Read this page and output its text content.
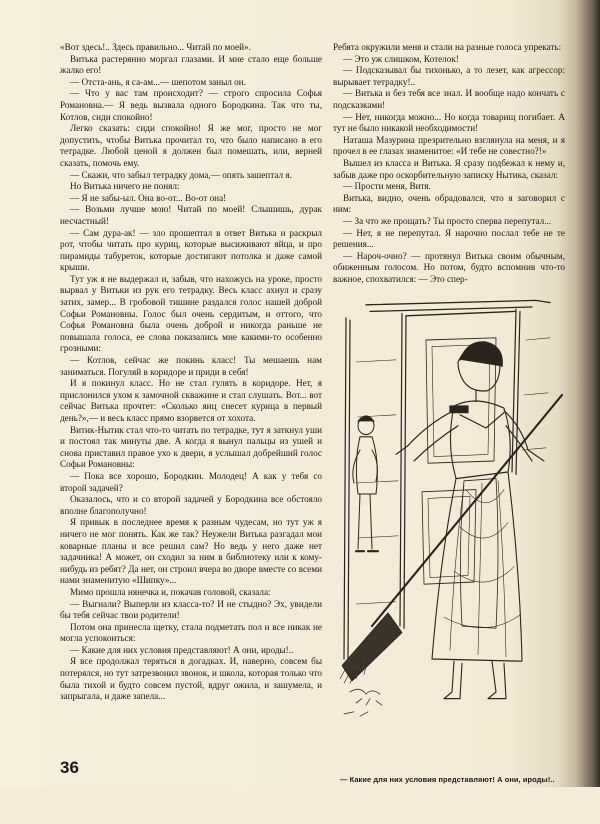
«Вот здесь!.. Здесь правильно... Читай по моей».

Витька растерянно моргал глазами. И мне стало еще больше жалко его!

— Отста-ань, я са-ам...— шепотом заныл он.

— Что у вас там происходит? — строго спросила Софья Романовна.— Я ведь вызвала одного Бородкина. Так что ты, Котлов, сиди спокойно!

Легко сказать: сиди спокойно! Я же мог, просто не мог допустить, чтобы Витька прочитал то, что было написано в его тетрадке. Любой ценой я должен был помешать, или, верней сказать, помочь ему.

— Скажи, что забыл тетрадку дома,— опять зашептал я.

Но Витька ничего не понял:

— Я не забы-ыл. Она во-от... Во-от она!

— Возьми лучше мою! Читай по моей! Слышишь, дурак несчастный!

— Сам дура-ак! — зло прошептал в ответ Витька и раскрыл рот, чтобы читать про куриц, которые высиживают яйца, и про пирамиды табуреток, которые достигают потолка и даже самой крыши.

Тут уж я не выдержал и, забыв, что нахожусь на уроке, просто вырвал у Витьки из рук его тетрадку. Весь класс ахнул и сразу затих, замер... В гробовой тишине раздался голос нашей доброй Софьи Романовны. Голос был очень сердитым, и оттого, что Софья Романовна была очень доброй и никогда раньше не повышала голоса, ее слова показались мне какими-то особенно грозными:

— Котлов, сейчас же покинь класс! Ты мешаешь нам заниматься. Погуляй в коридоре и приди в себя!

И я покинул класс. Но не стал гулять в коридоре. Нет, я прислонился ухом к замочной скважине и стал слушать. Вот... вот сейчас Витька прочтет: «Сколько яиц снесет курица в первый день?»,— и весь класс прямо взорвется от хохота.

Витик-Нытик стал что-то читать по тетрадке, тут я заткнул уши и постоял так минуты две. А когда я вынул пальцы из ушей и снова приставил правое ухо к двери, я услышал добрейший голос Софьи Романовны:

— Пока все хорошо, Бородкин. Молодец! А как у тебя со второй задачей?

Оказалось, что и со второй задачей у Бородкина все обстояло вполне благополучно!

Я привык в последнее время к разным чудесам, но тут уж я ничего не мог понять. Как же так? Неужели Витька разгадал мои коварные планы и все решил сам? Но ведь у него даже нет задачника! А может, он сходил за ним в библиотеку или к кому-нибудь из ребят? Да нет, он строил вчера во дворе вместе со всеми нами знаменитую «Шипку»...

Мимо прошла нянечка и, покачав головой, сказала:

— Выгнали? Выперли из класса-то? И не стыдно? Эх, увидели бы тебя сейчас твои родители!

Потом она принесла щетку, стала подметать пол и все никак не могла успокоиться:

— Какие для них условия представляют! А они, ироды!..

Я все продолжал теряться в догадках. И, наверно, совсем бы потерялся, но тут затрезвонил звонок, и школа, которая только что была тихой и будто совсем пустой, вдруг ожила, и зашумела, и запрыгала, и даже запела...

Ребята окружили меня и стали на разные голоса упрекать:

— Это уж слишком, Котелок!

— Подсказывал бы тихонько, а то лезет, как агрессор: вырывает тетрадку!..

— Витька и без тебя все знал. И вообще надо кончать с подсказками!

— Нет, никогда можно... Но когда товарищ погибает. А тут не было никакой необходимости!

Наташа Мазурина презрительно взглянула на меня, и я прочел в ее глазах знаменитое: «И тебе не совестно?!»

Вышел из класса и Витька. Я сразу подбежал к нему и, забыв даже про оскорбительную записку Нытика, сказал:

— Прости меня, Витя.

Витька, видно, очень обрадовался, что я заговорил с ним:

— За что же прощать? Ты просто сперва перепутал...

— Нет, я не перепутал. Я нарочно послал тебе не те решения...

— Нароч-очно? — протянул Витька своим обычным, обиженным голосом. Но потом, будто вспомнив что-то важное, спохватился: — Это спер-

— Какие для них условия представляют! А они, ироды!..
36
